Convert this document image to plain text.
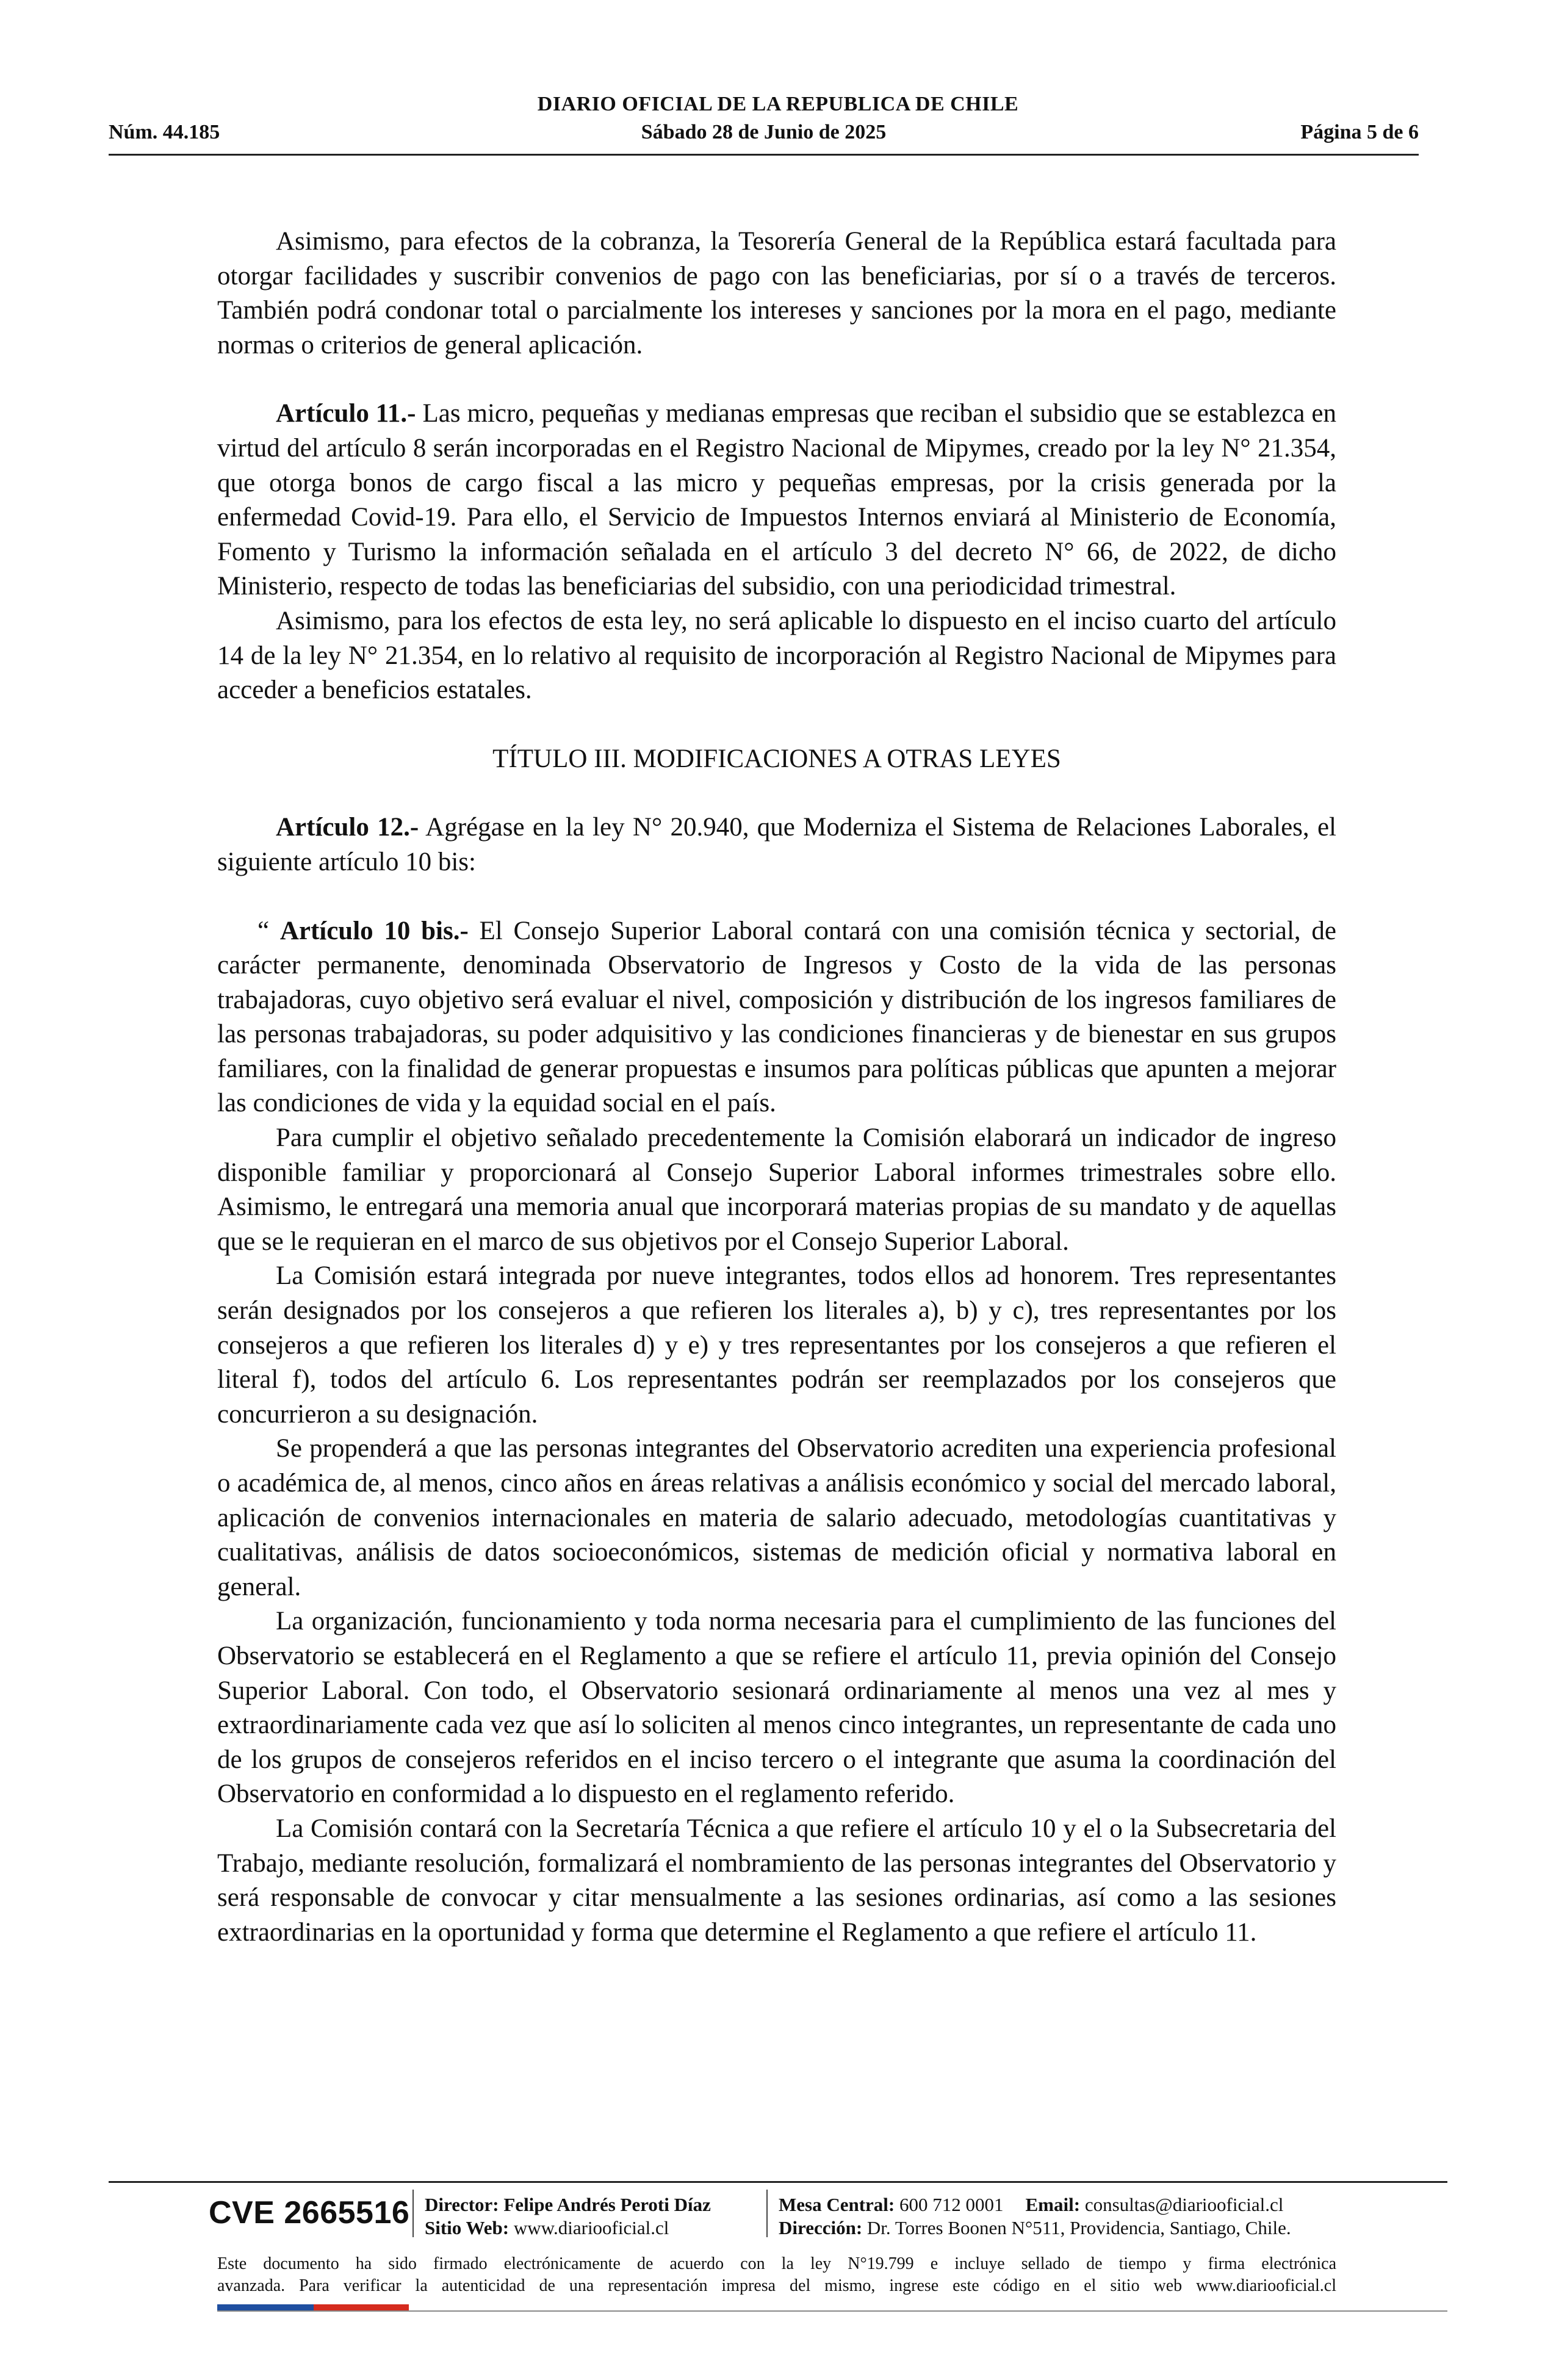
DIARIO OFICIAL DE LA REPUBLICA DE CHILE
Núm. 44.185	Sábado 28 de Junio de 2025	Página 5 de 6

Asimismo, para efectos de la cobranza, la Tesorería General de la República estará facultada para otorgar facilidades y suscribir convenios de pago con las beneficiarias, por sí o a través de terceros. También podrá condonar total o parcialmente los intereses y sanciones por la mora en el pago, mediante normas o criterios de general aplicación.

Artículo 11.- Las micro, pequeñas y medianas empresas que reciban el subsidio que se establezca en virtud del artículo 8 serán incorporadas en el Registro Nacional de Mipymes, creado por la ley N° 21.354, que otorga bonos de cargo fiscal a las micro y pequeñas empresas, por la crisis generada por la enfermedad Covid-19. Para ello, el Servicio de Impuestos Internos enviará al Ministerio de Economía, Fomento y Turismo la información señalada en el artículo 3 del decreto N° 66, de 2022, de dicho Ministerio, respecto de todas las beneficiarias del subsidio, con una periodicidad trimestral.

Asimismo, para los efectos de esta ley, no será aplicable lo dispuesto en el inciso cuarto del artículo 14 de la ley N° 21.354, en lo relativo al requisito de incorporación al Registro Nacional de Mipymes para acceder a beneficios estatales.

TÍTULO III. MODIFICACIONES A OTRAS LEYES

Artículo 12.- Agrégase en la ley N° 20.940, que Moderniza el Sistema de Relaciones Laborales, el siguiente artículo 10 bis:

“ Artículo 10 bis.- El Consejo Superior Laboral contará con una comisión técnica y sectorial, de carácter permanente, denominada Observatorio de Ingresos y Costo de la vida de las personas trabajadoras, cuyo objetivo será evaluar el nivel, composición y distribución de los ingresos familiares de las personas trabajadoras, su poder adquisitivo y las condiciones financieras y de bienestar en sus grupos familiares, con la finalidad de generar propuestas e insumos para políticas públicas que apunten a mejorar las condiciones de vida y la equidad social en el país.

Para cumplir el objetivo señalado precedentemente la Comisión elaborará un indicador de ingreso disponible familiar y proporcionará al Consejo Superior Laboral informes trimestrales sobre ello. Asimismo, le entregará una memoria anual que incorporará materias propias de su mandato y de aquellas que se le requieran en el marco de sus objetivos por el Consejo Superior Laboral.

La Comisión estará integrada por nueve integrantes, todos ellos ad honorem. Tres representantes serán designados por los consejeros a que refieren los literales a), b) y c), tres representantes por los consejeros a que refieren los literales d) y e) y tres representantes por los consejeros a que refieren el literal f), todos del artículo 6. Los representantes podrán ser reemplazados por los consejeros que concurrieron a su designación.

Se propenderá a que las personas integrantes del Observatorio acrediten una experiencia profesional o académica de, al menos, cinco años en áreas relativas a análisis económico y social del mercado laboral, aplicación de convenios internacionales en materia de salario adecuado, metodologías cuantitativas y cualitativas, análisis de datos socioeconómicos, sistemas de medición oficial y normativa laboral en general.

La organización, funcionamiento y toda norma necesaria para el cumplimiento de las funciones del Observatorio se establecerá en el Reglamento a que se refiere el artículo 11, previa opinión del Consejo Superior Laboral. Con todo, el Observatorio sesionará ordinariamente al menos una vez al mes y extraordinariamente cada vez que así lo soliciten al menos cinco integrantes, un representante de cada uno de los grupos de consejeros referidos en el inciso tercero o el integrante que asuma la coordinación del Observatorio en conformidad a lo dispuesto en el reglamento referido.

La Comisión contará con la Secretaría Técnica a que refiere el artículo 10 y el o la Subsecretaria del Trabajo, mediante resolución, formalizará el nombramiento de las personas integrantes del Observatorio y será responsable de convocar y citar mensualmente a las sesiones ordinarias, así como a las sesiones extraordinarias en la oportunidad y forma que determine el Reglamento a que refiere el artículo 11.

CVE 2665516 Director: Felipe Andrés Peroti Díaz
Sitio Web: www.diariooficial.cl
Mesa Central: 600 712 0001 Email: consultas@diariooficial.cl
Dirección: Dr. Torres Boonen N°511, Providencia, Santiago, Chile.
Este documento ha sido firmado electrónicamente de acuerdo con la ley N°19.799 e incluye sellado de tiempo y firma electrónica
avanzada. Para verificar la autenticidad de una representación impresa del mismo, ingrese este código en el sitio web www.diariooficial.cl
